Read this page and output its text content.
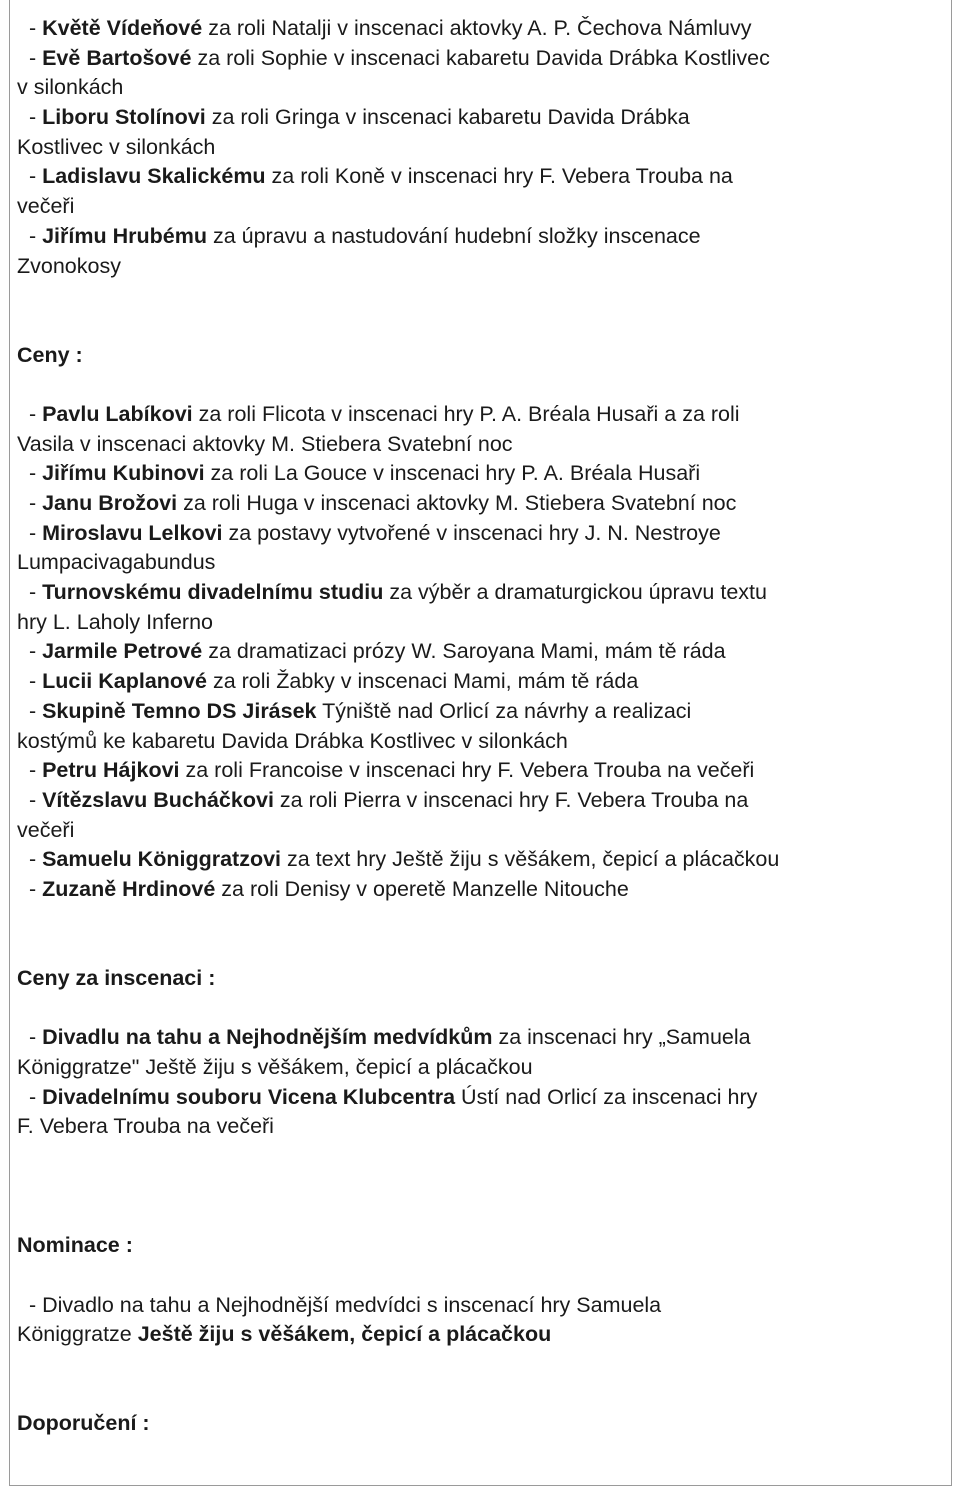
- Květě Vídeňové za roli Natalji v inscenaci aktovky A. P. Čechova Námluvy
- Evě Bartošové za roli Sophie v inscenaci kabaretu Davida Drábka Kostlivec
v silonkách
- Liboru Stolínovi za roli Gringa v inscenaci kabaretu Davida Drábka
Kostlivec v silonkách
- Ladislavu Skalickému za roli Koně v inscenaci hry F. Vebera Trouba na
večeři
- Jiřímu Hrubému za úpravu a nastudování hudební složky inscenace
Zvonokosy
Ceny :
- Pavlu Labíkovi za roli Flicota v inscenaci hry P. A. Bréala Husaři a za roli
Vasila v inscenaci aktovky M. Stiebera Svatební noc
- Jiřímu Kubinovi za roli La Gouce v inscenaci hry P. A. Bréala Husaři
- Janu Brožovi za roli Huga v inscenaci aktovky M. Stiebera Svatební noc
- Miroslavu Lelkovi za postavy vytvořené v inscenaci hry J. N. Nestroye
Lumpacivagabundus
- Turnovskému divadelnímu studiu za výběr a dramaturgickou úpravu textu
hry L. Laholy Inferno
- Jarmile Petrové za dramatizaci prózy W. Saroyana Mami, mám tě ráda
- Lucii Kaplanové za roli Žabky v inscenaci Mami, mám tě ráda
- Skupině Temno DS Jirásek Týniště nad Orlicí za návrhy a realizaci
kostýmů ke kabaretu Davida Drábka Kostlivec v silonkách
- Petru Hájkovi za roli Francoise v inscenaci hry F. Vebera Trouba na večeři
- Vítězslavu Bucháčkovi za roli Pierra v inscenaci hry F. Vebera Trouba na
večeři
- Samuelu Königgratzovi za text hry Ještě žiju s věšákem, čepicí a plácačkou
- Zuzaně Hrdinové za roli Denisy v operetě Manzelle Nitouche
Ceny za inscenaci :
- Divadlu na tahu a Nejhodnějším medvídkům za inscenaci hry „Samuela
Königgratze" Ještě žiju s věšákem, čepicí a plácačkou
- Divadelnímu souboru Vicena Klubcentra Ústí nad Orlicí za inscenaci hry
F. Vebera Trouba na večeři
Nominace :
- Divadlo na tahu a Nejhodnější medvídci s inscenací hry Samuela
Königgratze Ještě žiju s věšákem, čepicí a plácačkou
Doporučení :
